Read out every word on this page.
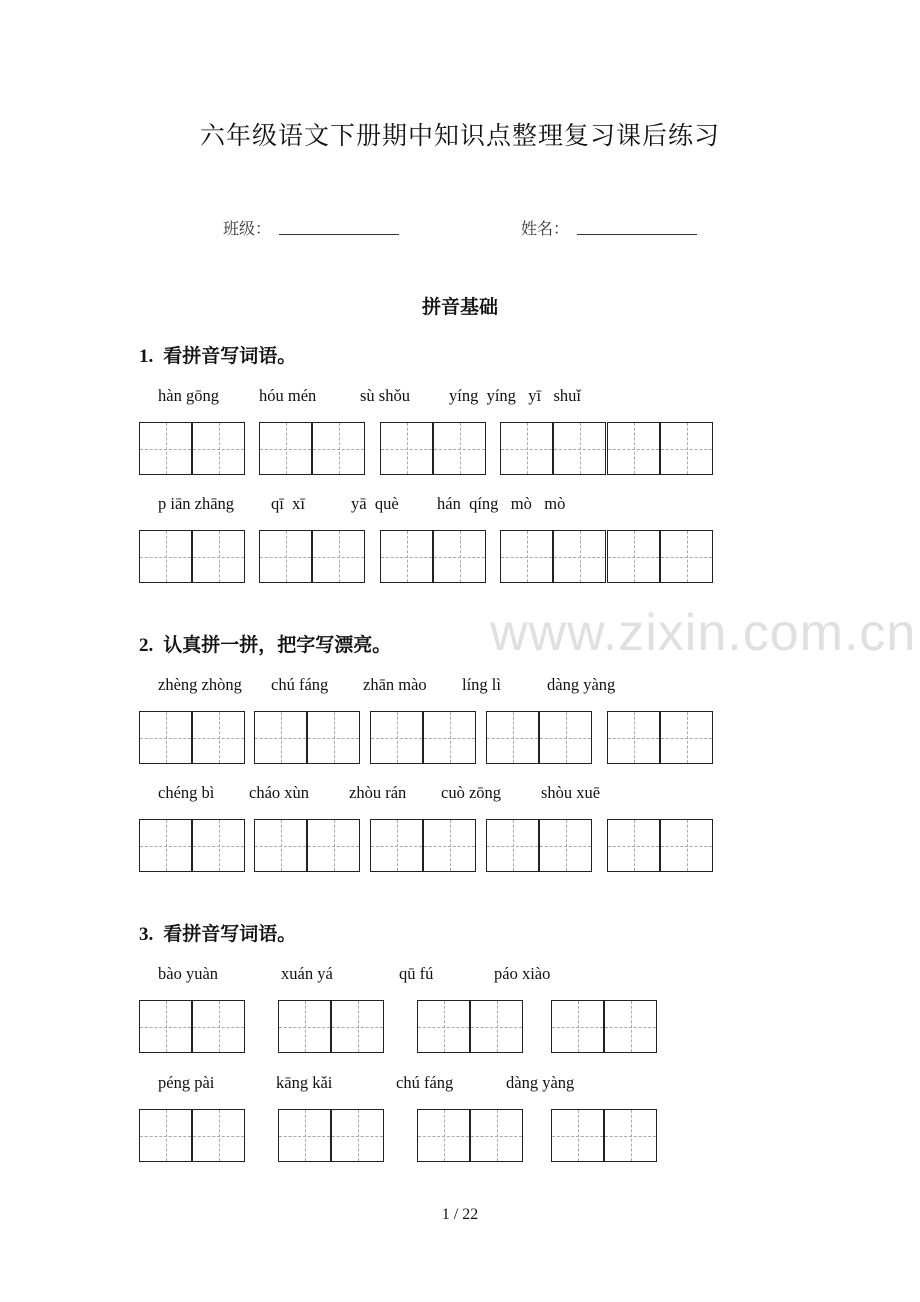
六年级语文下册期中知识点整理复习课后练习
班级：	姓名：
拼音基础
www.zixin.com.cn
1. 看拼音写词语。
hàn gōng hóu mén	sù shǒu yíng  yíng   yī   shuǐ
p iān zhāng qī  xī	yā  què hán  qíng   mò   mò
2. 认真拼一拼，把字写漂亮。
zhèng zhòng chú fáng zhān mào líng lì	dàng yàng
chéng bì cháo xùn zhòu rán cuò zōng shòu xuē
3. 看拼音写词语。
bào yuàn	xuán yá	qū fú	páo xiào
péng pài	kāng kǎi	chú fáng	dàng yàng
1 / 22
